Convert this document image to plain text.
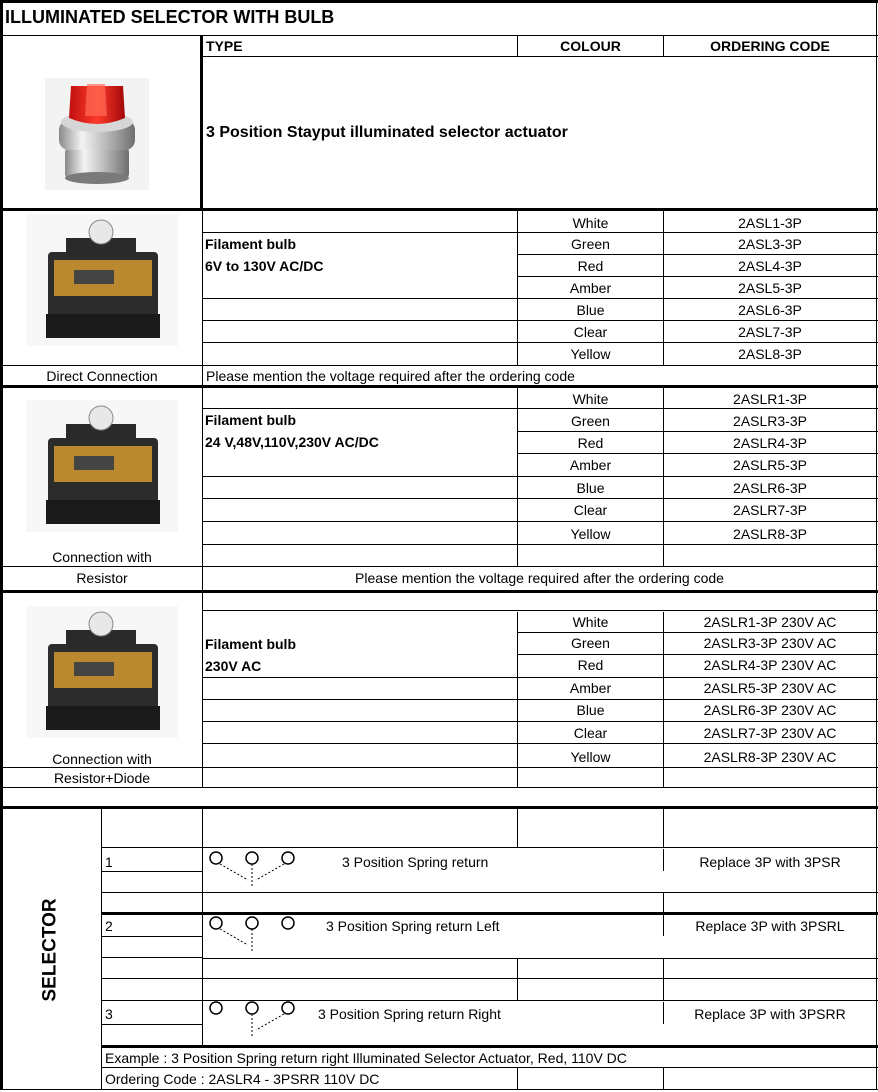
ILLUMINATED SELECTOR WITH BULB
TYPE	COLOUR	ORDERING CODE
3 Position Stayput illuminated selector actuator
Filament bulb
6V to 130V AC/DC
White	2ASL1-3P
Green	2ASL3-3P
Red	2ASL4-3P
Amber	2ASL5-3P
Blue	2ASL6-3P
Clear	2ASL7-3P
Yellow	2ASL8-3P
Direct Connection	Please mention the voltage required after the ordering code
Filament bulb
24 V,48V,110V,230V AC/DC
White	2ASLR1-3P
Green	2ASLR3-3P
Red	2ASLR4-3P
Amber	2ASLR5-3P
Blue	2ASLR6-3P
Clear	2ASLR7-3P
Yellow	2ASLR8-3P
Connection with
Resistor	Please mention the voltage required after the ordering code
Filament bulb
230V AC
White	2ASLR1-3P 230V AC
Green	2ASLR3-3P 230V AC
Red	2ASLR4-3P 230V AC
Amber	2ASLR5-3P 230V AC
Blue	2ASLR6-3P 230V AC
Clear	2ASLR7-3P 230V AC
Yellow	2ASLR8-3P 230V AC
Connection with
Resistor+Diode
SELECTOR
1	3 Position Spring return	Replace 3P with 3PSR
2	3 Position Spring return Left	Replace 3P with 3PSRL
3	3 Position Spring return Right	Replace 3P with 3PSRR
Example : 3 Position Spring return right Illuminated Selector Actuator, Red, 110V DC
Ordering Code : 2ASLR4 - 3PSRR 110V DC
